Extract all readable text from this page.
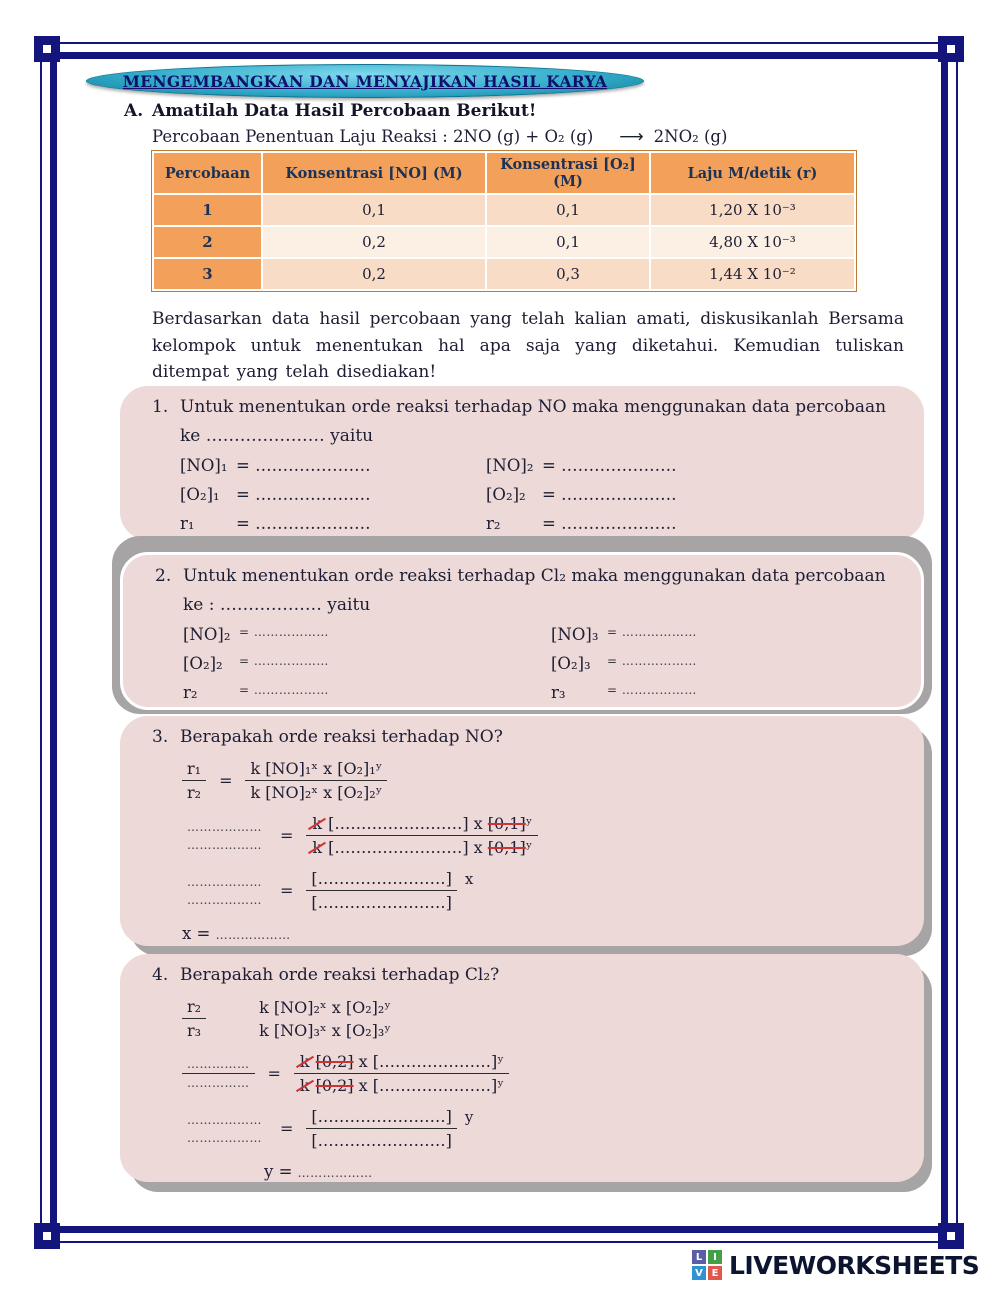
MENGEMBANGKAN DAN MENYAJIKAN HASIL KARYA
A. Amatilah Data Hasil Percobaan Berikut!
Percobaan Penentuan Laju Reaksi : 2NO (g) + O₂ (g) ⟶ 2NO₂ (g)
Percobaan	Konsentrasi [NO] (M)	Konsentrasi [O₂] (M)	Laju M/detik (r)
1	0,1	0,1	1,20 X 10⁻³
2	0,2	0,1	4,80 X 10⁻³
3	0,2	0,3	1,44 X 10⁻²
Berdasarkan data hasil percobaan yang telah kalian amati, diskusikanlah Bersama kelompok untuk menentukan hal apa saja yang diketahui. Kemudian tuliskan ditempat yang telah disediakan!
1. Untuk menentukan orde reaksi terhadap NO maka menggunakan data percobaan
ke ………………… yaitu
[NO]₁ = …………………	[NO]₂ = …………………
[O₂]₁ = …………………	[O₂]₂ = …………………
r₁	= …………………	r₂	= …………………
2. Untuk menentukan orde reaksi terhadap Cl₂ maka menggunakan data percobaan
ke : ……………… yaitu
[NO]₂ = ………………	[NO]₃ = ………………
[O₂]₂	= ………………	[O₂]₃	= ………………
r₂	= ………………	r₃	= ………………
3. Berapakah orde reaksi terhadap NO?
$\frac{\text{r₁}}{\text{r₂}} = \frac{\text{k [NO]₁ˣ x [O₂]₁ʸ}}{\text{k [NO]₂ˣ x [O₂]₂ʸ}}$
………………
………………	= $\frac{\text{k [……………………] x [0,1]ʸ}}{\text{k [……………………] x [0,1]ʸ}}$
………………
………………	= $\frac{[\dots\dots\dots\dots\dots\dots\dots\dots]}{[\dots\dots\dots\dots\dots\dots\dots\dots]}$ x
x = ………………
4. Berapakah orde reaksi terhadap Cl₂?
$\frac{\text{r₂}}{\text{r₃}}$	k [NO]₂ˣ x [O₂]₂ʸ
k [NO]₃ˣ x [O₂]₃ʸ
$\frac{\dots\dots\dots\dots\dots}{\dots\dots\dots\dots\dots} = \frac{\text{k [0,2] x […………………]ʸ}}{\text{k [0,2] x […………………]ʸ}}$
………………
………………	= $\frac{[\dots\dots\dots\dots\dots\dots\dots\dots]}{[\dots\dots\dots\dots\dots\dots\dots\dots]}$ y
y = ………………
L	I
V E LIVEWORKSHEETS
